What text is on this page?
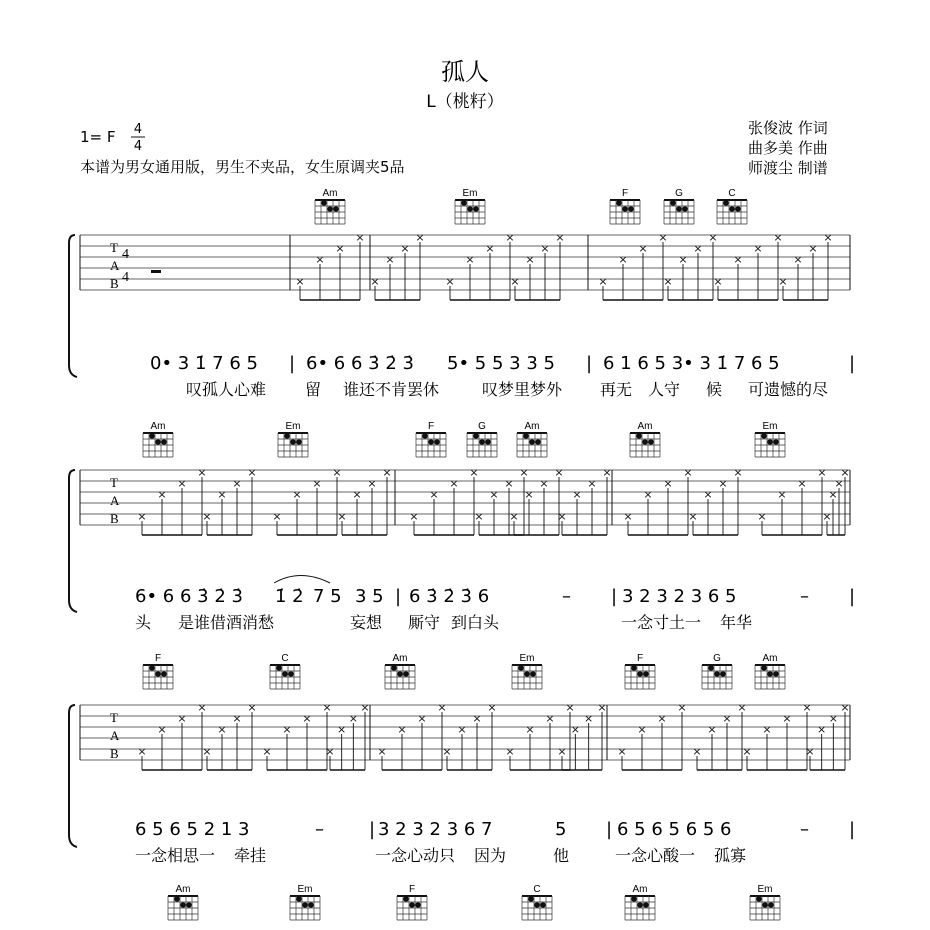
孤人
L（桃籽）
1= F 4
4
本谱为男女通用版，男生不夹品，女生原调夹5品
张俊波 作词
曲多美 作曲
师渡尘 制谱
Am	Em	F	G	C
T
A
B
4
4	×
×
×
×
×
×
×
×
×
×
×
×
×
×
×
×
×
×
×
×
×
×
×
×
×
×
×
×
×
×
×
×
0• 3 1̇ 7 6 5 | 6• 6 6 3̇ 2̇ 3̇ 5• 5 5 3 3 5 | 6 1 6 5 3• 3 1̇ 7 6 5	|
叹孤人心难 留 谁还不肯罢休	叹梦里梦外 再无 人守 候 可遗憾的尽
Am	Em	F	G	Am	Am	Em
T
A
B ×
×
×
×
×
×
×
×
×
×
×
×
×
×
×
×
×
×
×
×
×
×
×
×
×
×
×
×
×
×
×
×
×
×
×
×
×
×
×
×
×
×
×
×
×
×
×
×
6• 6 6 3̇ 2̇ 3̇ 1̇ 2̇ 7 5 3 5 | 6 3̇ 2̇ 3̇ 6	– | 3 2 3 2 3 6 5	– |
头 是谁借酒消愁	妄想 厮守 到白头	一念寸土一 年华
F	C	Am	Em	F	G	Am
T
A
B ×
×
×
×
×
×
×
×
×
×
×
×
×
×
×
×
×
×
×
×
×
×
×
×
×
×
×
×
×
×
×
×
×
×
×
×
×
×
×
×
×
×
×
×
×
×
×
×
6 5 6 5 2 1 3	–	| 3 2 3 2 3 6 7	5 | 6 5 6 5 6 5 6	– |
一念相思一 牵挂	一念心动只 因为	他	一念心酸一 孤寡
Am	Em	F	C	Am	Em
